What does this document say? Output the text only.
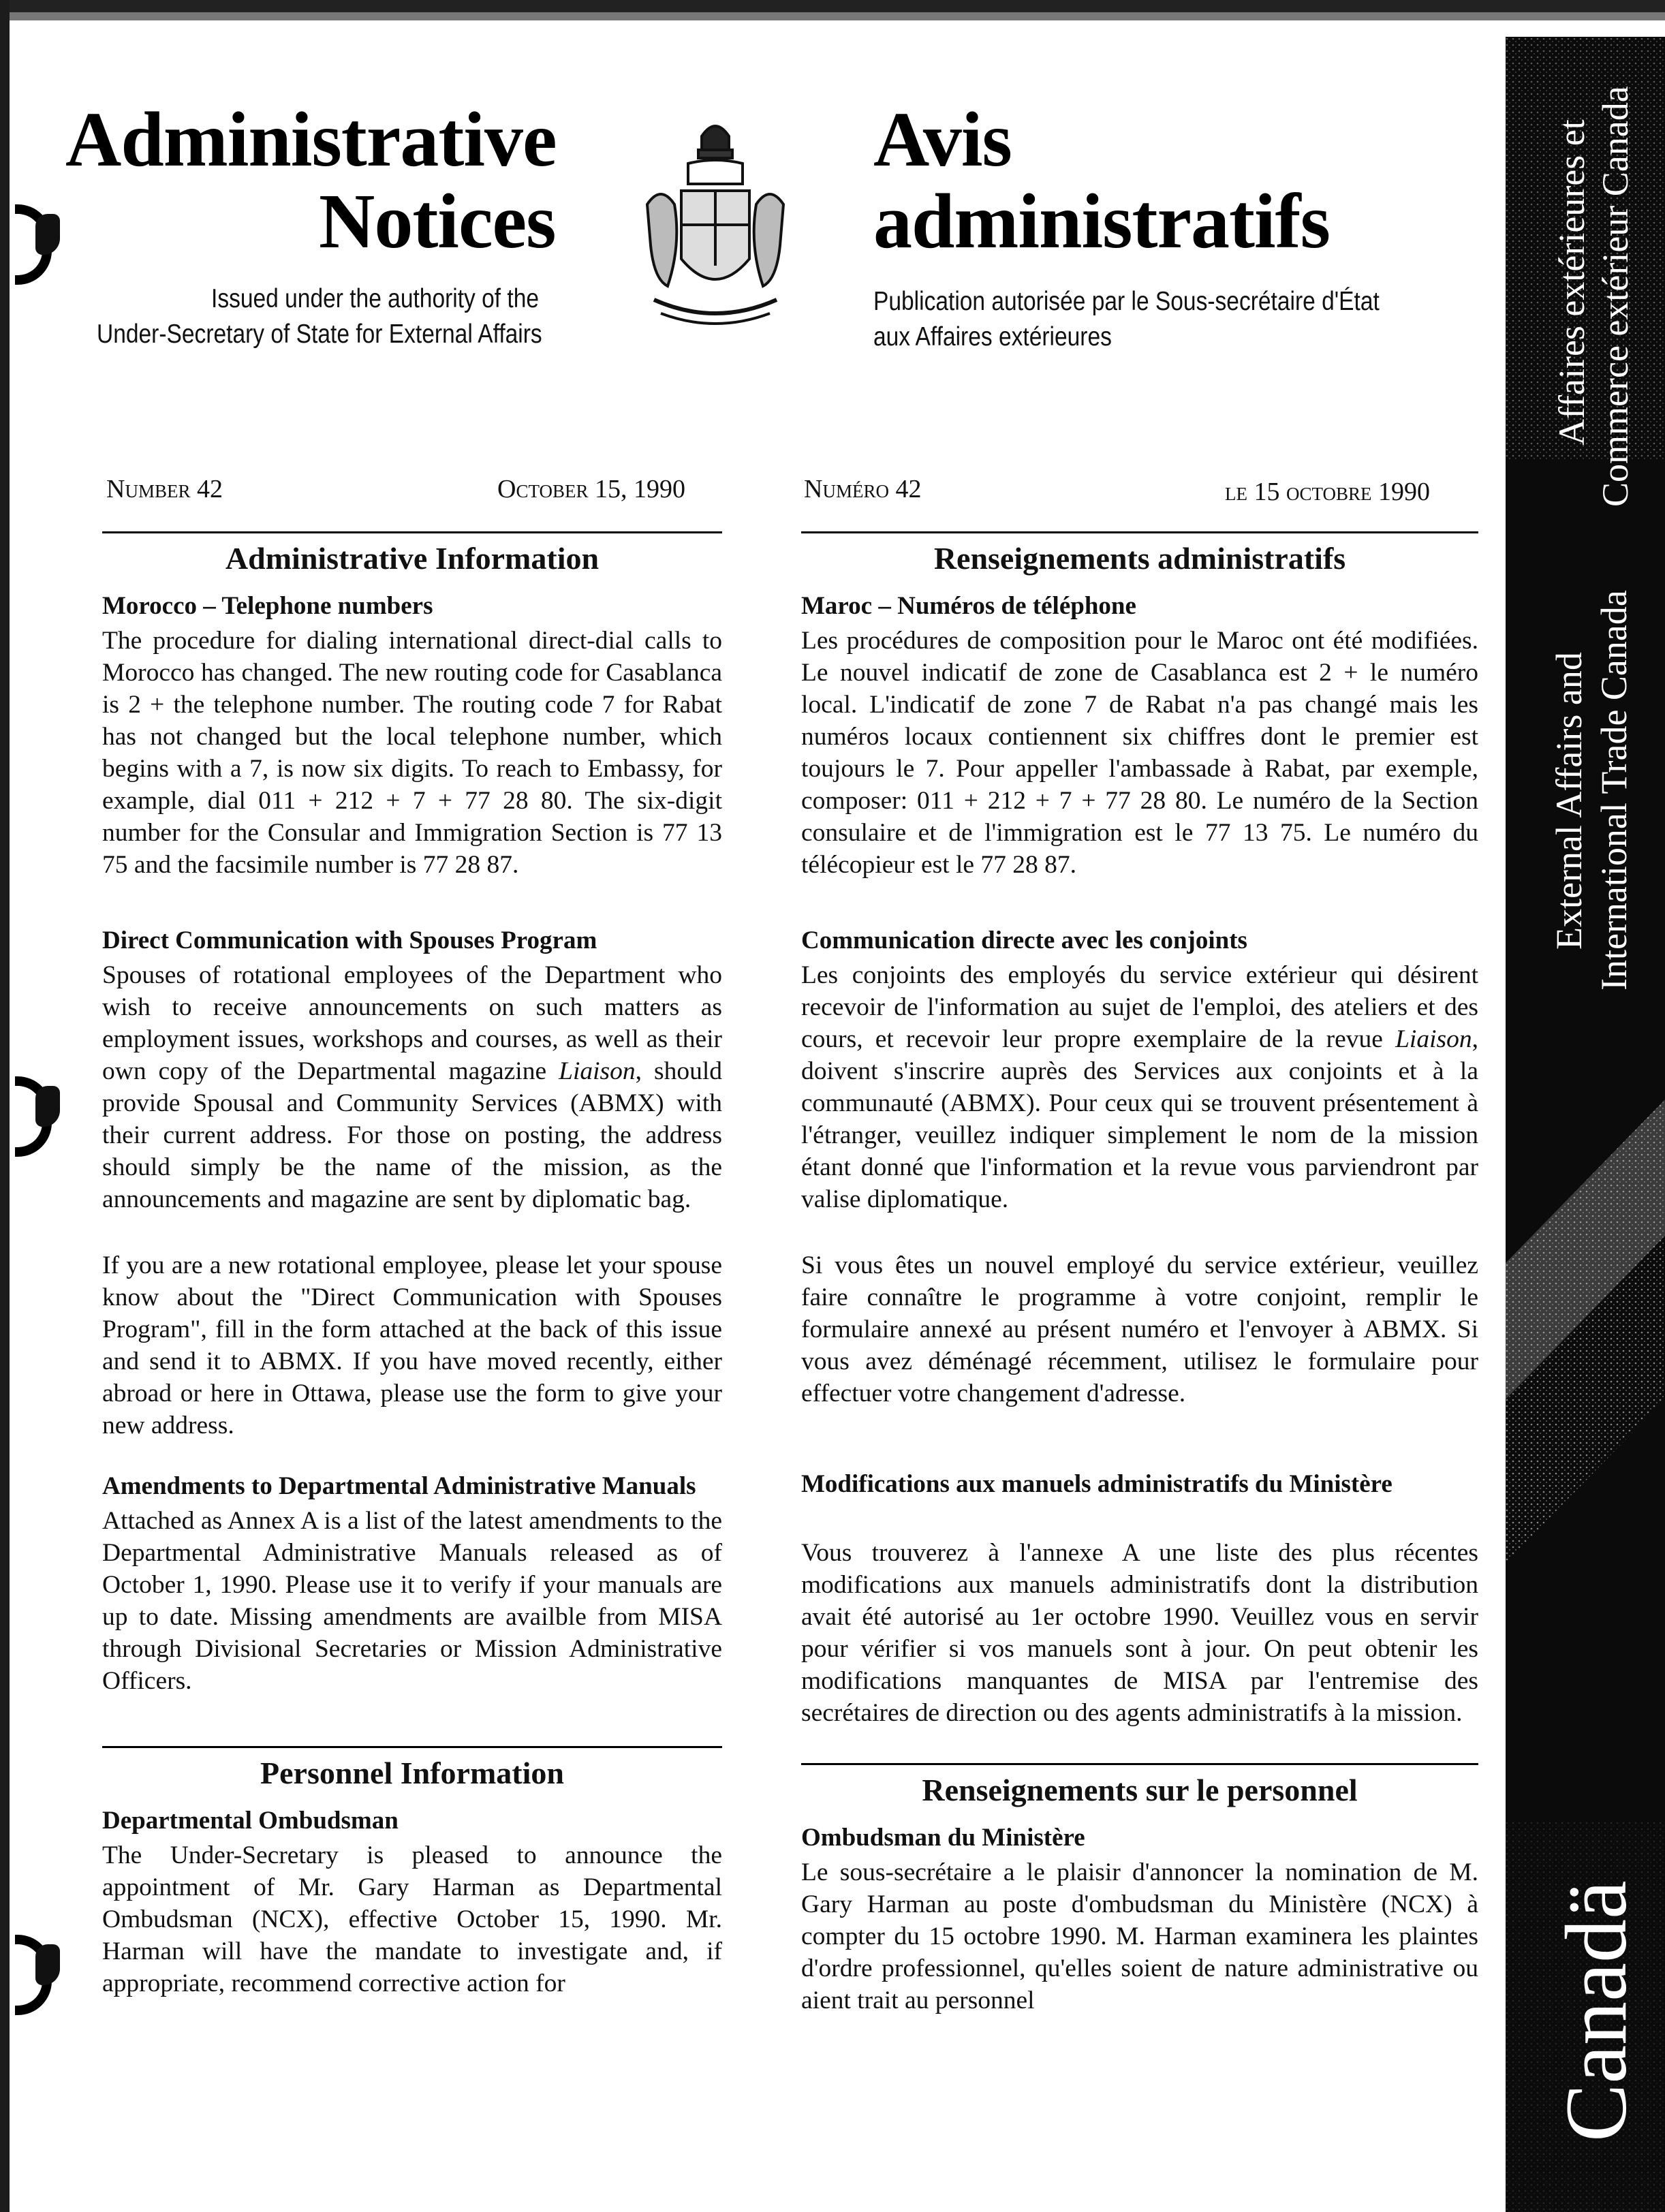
Administrative
Notices
Issued under the authority of the
Under-Secretary of State for External Affairs
Avis
administratifs
Publication autorisée par le Sous-secrétaire d'État
aux Affaires extérieures
Number 42	October 15, 1990	Numéro 42	le 15 octobre 1990
Administrative Information
Morocco – Telephone numbers

The procedure for dialing international direct-dial calls to Morocco has changed. The new routing code for Casablanca is 2 + the telephone number. The routing code 7 for Rabat has not changed but the local telephone number, which begins with a 7, is now six digits. To reach to Embassy, for example, dial 011 + 212 + 7 + 77 28 80. The six-digit number for the Consular and Immigration Section is 77 13 75 and the facsimile number is 77 28 87.

Direct Communication with Spouses Program

Spouses of rotational employees of the Department who wish to receive announcements on such matters as employment issues, workshops and courses, as well as their own copy of the Departmental magazine Liaison, should provide Spousal and Community Services (ABMX) with their current address. For those on posting, the address should simply be the name of the mission, as the announcements and magazine are sent by diplomatic bag.

If you are a new rotational employee, please let your spouse know about the "Direct Communication with Spouses Program", fill in the form attached at the back of this issue and send it to ABMX. If you have moved recently, either abroad or here in Ottawa, please use the form to give your new address.

Amendments to Departmental Administrative Manuals

Attached as Annex A is a list of the latest amendments to the Departmental Administrative Manuals released as of October 1, 1990. Please use it to verify if your manuals are up to date. Missing amendments are availble from MISA through Divisional Secretaries or Mission Administrative Officers.

Personnel Information
Departmental Ombudsman

The Under-Secretary is pleased to announce the appointment of Mr. Gary Harman as Departmental Ombudsman (NCX), effective October 15, 1990. Mr. Harman will have the mandate to investigate and, if appropriate, recommend corrective action for

Renseignements administratifs
Maroc – Numéros de téléphone

Les procédures de composition pour le Maroc ont été modifiées. Le nouvel indicatif de zone de Casablanca est 2 + le numéro local. L'indicatif de zone 7 de Rabat n'a pas changé mais les numéros locaux contiennent six chiffres dont le premier est toujours le 7. Pour appeller l'ambassade à Rabat, par exemple, composer: 011 + 212 + 7 + 77 28 80. Le numéro de la Section consulaire et de l'immigration est le 77 13 75. Le numéro du télécopieur est le 77 28 87.

Communication directe avec les conjoints

Les conjoints des employés du service extérieur qui désirent recevoir de l'information au sujet de l'emploi, des ateliers et des cours, et recevoir leur propre exemplaire de la revue Liaison, doivent s'inscrire auprès des Services aux conjoints et à la communauté (ABMX). Pour ceux qui se trouvent présentement à l'étranger, veuillez indiquer simplement le nom de la mission étant donné que l'information et la revue vous parviendront par valise diplomatique.

Si vous êtes un nouvel employé du service extérieur, veuillez faire connaître le programme à votre conjoint, remplir le formulaire annexé au présent numéro et l'envoyer à ABMX. Si vous avez déménagé récemment, utilisez le formulaire pour effectuer votre changement d'adresse.

Modifications aux manuels administratifs du Ministère

Vous trouverez à l'annexe A une liste des plus récentes modifications aux manuels administratifs dont la distribution avait été autorisé au 1er octobre 1990. Veuillez vous en servir pour vérifier si vos manuels sont à jour. On peut obtenir les modifications manquantes de MISA par l'entremise des secrétaires de direction ou des agents administratifs à la mission.

Renseignements sur le personnel
Ombudsman du Ministère

Le sous-secrétaire a le plaisir d'annoncer la nomination de M. Gary Harman au poste d'ombudsman du Ministère (NCX) à compter du 15 octobre 1990. M. Harman examinera les plaintes d'ordre professionnel, qu'elles soient de nature administrative ou aient trait au personnel

External Affairs and International Trade Canada
Affaires extérieures et Commerce extérieur Canada
Canadä
